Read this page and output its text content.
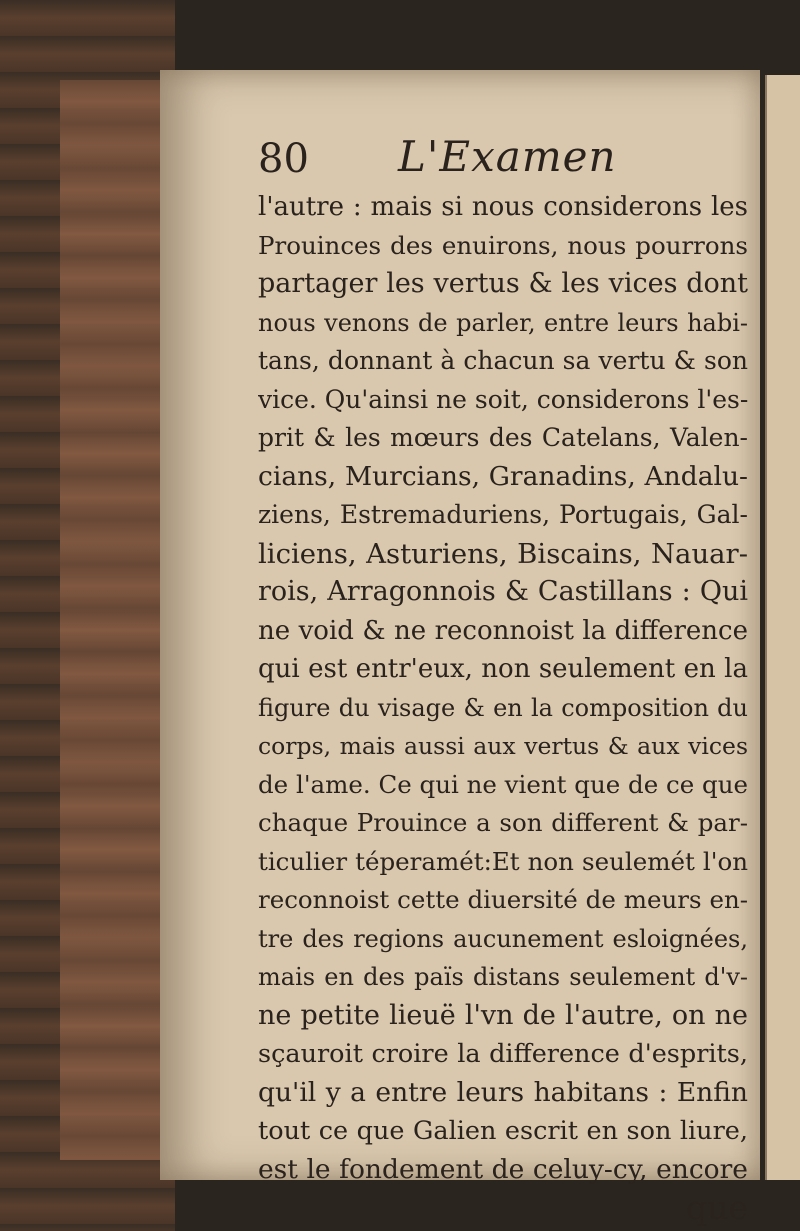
80 L'Examen
l'autre : mais si nous considerons les
Prouinces des enuirons, nous pourrons
partager les vertus & les vices dont
nous venons de parler, entre leurs habi-
tans, donnant à chacun sa vertu & son
vice. Qu'ainsi ne soit, considerons l'es-
prit & les mœurs des Catelans, Valen-
cians, Murcians, Granadins, Andalu-
ziens, Estremaduriens, Portugais, Gal-
liciens, Asturiens, Biscains, Nauar-
rois, Arragonnois & Castillans : Qui
ne void & ne reconnoist la difference
qui est entr'eux, non seulement en la
figure du visage & en la composition du
corps, mais aussi aux vertus & aux vices
de l'ame. Ce qui ne vient que de ce que
chaque Prouince a son different & par-
ticulier téperamét:Et non seulemét l'on
reconnoist cette diuersité de meurs en-
tre des regions aucunement esloignées,
mais en des païs distans seulement d'v-
ne petite lieuë l'vn de l'autre, on ne
sçauroit croire la difference d'esprits,
qu'il y a entre leurs habitans : Enfin
tout ce que Galien escrit en son liure,
est le fondement de celuy-cy, encore
que
